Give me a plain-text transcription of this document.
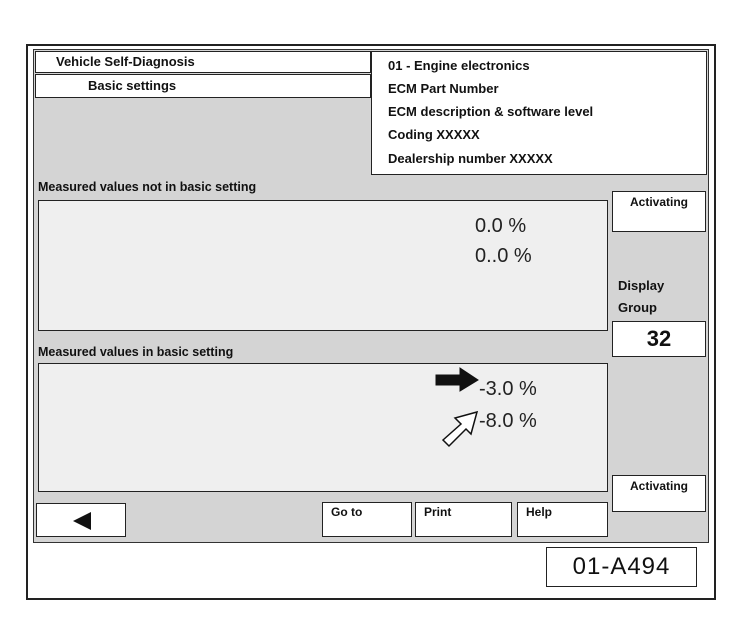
Vehicle Self-Diagnosis
Basic settings
01 - Engine electronics
ECM Part Number
ECM description & software level
Coding XXXXX
Dealership number XXXXX
Measured values not in basic setting
0.0 %
0..0 %
Measured values in basic setting
-3.0 %
-8.0 %
Activating
Display
Group
32
Activating
Go to	Print	Help
01-A494
